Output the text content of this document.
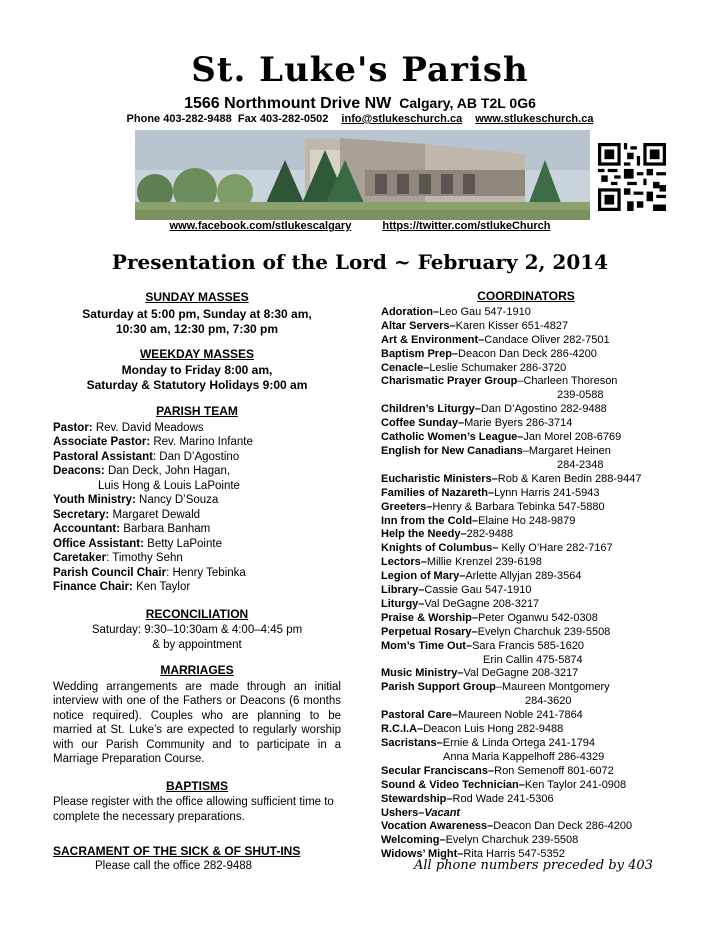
St. Luke's Parish
1566 Northmount Drive NW Calgary, AB T2L 0G6
Phone 403-282-9488 Fax 403-282-0502 info@stlukeschurch.ca www.stlukeschurch.ca
www.facebook.com/stlukescalgary	https://twitter.com/stlukeChurch
Presentation of the Lord ~ February 2, 2014
SUNDAY MASSES
Saturday at 5:00 pm, Sunday at 8:30 am,
10:30 am, 12:30 pm, 7:30 pm
WEEKDAY MASSES
Monday to Friday 8:00 am,
Saturday & Statutory Holidays 9:00 am
PARISH TEAM
Pastor: Rev. David Meadows
Associate Pastor: Rev. Marino Infante
Pastoral Assistant: Dan D’Agostino
Deacons: Dan Deck, John Hagan,
Luis Hong & Louis LaPointe
Youth Ministry: Nancy D’Souza
Secretary: Margaret Dewald
Accountant: Barbara Banham
Office Assistant: Betty LaPointe
Caretaker: Timothy Sehn
Parish Council Chair: Henry Tebinka
Finance Chair: Ken Taylor
RECONCILIATION
Saturday: 9:30–10:30am & 4:00–4:45 pm
& by appointment
MARRIAGES
Wedding arrangements are made through an initial interview with one of the Fathers or Deacons (6 months notice required). Couples who are planning to be married at St. Luke’s are expected to regularly worship with our Parish Community and to participate in a Marriage Preparation Course.
BAPTISMS
Please register with the office allowing sufficient time to complete the necessary preparations.
SACRAMENT OF THE SICK & OF SHUT-INS
Please call the office 282-9488
COORDINATORS
Adoration–Leo Gau 547-1910
Altar Servers–Karen Kisser 651-4827
Art & Environment–Candace Oliver 282-7501
Baptism Prep–Deacon Dan Deck 286-4200
Cenacle–Leslie Schumaker 286-3720
Charismatic Prayer Group–Charleen Thoreson
239-0588
Children’s Liturgy–Dan D’Agostino 282-9488
Coffee Sunday–Marie Byers 286-3714
Catholic Women’s League–Jan Morel 208-6769
English for New Canadians–Margaret Heinen
284-2348
Eucharistic Ministers–Rob & Karen Bedin 288-9447
Families of Nazareth–Lynn Harris 241-5943
Greeters–Henry & Barbara Tebinka 547-5880
Inn from the Cold–Elaine Ho 248-9879
Help the Needy–282-9488
Knights of Columbus– Kelly O’Hare 282-7167
Lectors–Millie Krenzel 239-6198
Legion of Mary–Arlette Allyjan 289-3564
Library–Cassie Gau 547-1910
Liturgy–Val DeGagne 208-3217
Praise & Worship–Peter Oganwu 542-0308
Perpetual Rosary–Evelyn Charchuk 239-5508
Mom’s Time Out–Sara Francis 585-1620
Erin Callin 475-5874
Music Ministry–Val DeGagne 208-3217
Parish Support Group–Maureen Montgomery
284-3620
Pastoral Care–Maureen Noble 241-7864
R.C.I.A–Deacon Luis Hong 282-9488
Sacristans–Ernie & Linda Ortega 241-1794
Anna Maria Kappelhoff 286-4329
Secular Franciscans–Ron Semenoff 801-6072
Sound & Video Technician–Ken Taylor 241-0908
Stewardship–Rod Wade 241-5306
Ushers–Vacant
Vocation Awareness–Deacon Dan Deck 286-4200
Welcoming–Evelyn Charchuk 239-5508
Widows’ Might–Rita Harris 547-5352
All phone numbers preceded by 403
